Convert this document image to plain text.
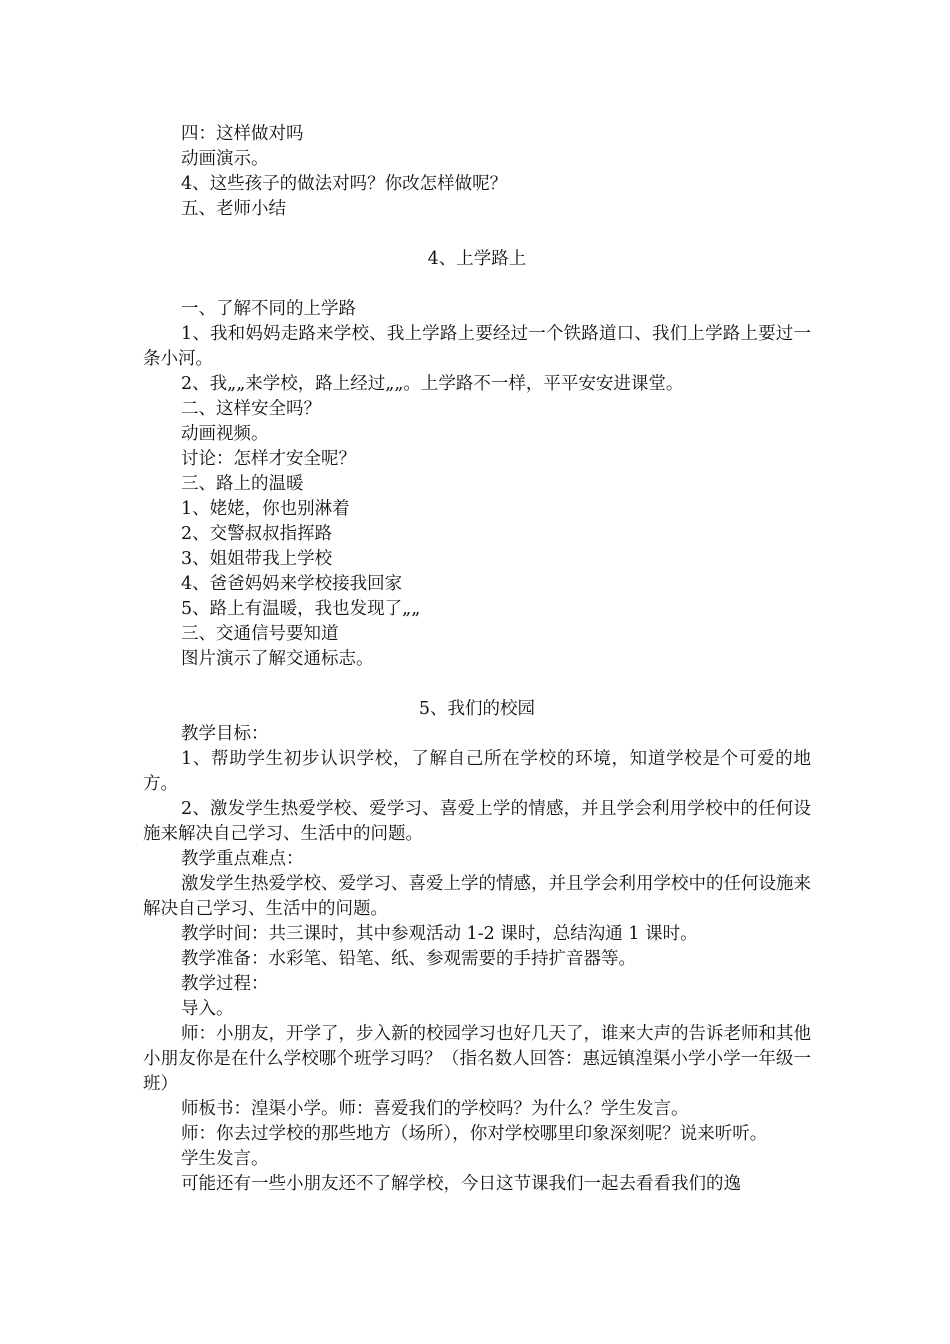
四：这样做对吗

动画演示。

4、这些孩子的做法对吗？你改怎样做呢？

五、老师小结

4、上学路上

一、了解不同的上学路

1、我和妈妈走路来学校、我上学路上要经过一个铁路道口、我们上学路上要过一条小河。

2、我„„来学校，路上经过„„。上学路不一样，平平安安进课堂。

二、这样安全吗？

动画视频。

讨论：怎样才安全呢？

三、路上的温暖

1、姥姥，你也别淋着

2、交警叔叔指挥路

3、姐姐带我上学校

4、爸爸妈妈来学校接我回家

5、路上有温暖，我也发现了„„

三、交通信号要知道

图片演示了解交通标志。

5、我们的校园

教学目标：

1、帮助学生初步认识学校，了解自己所在学校的环境，知道学校是个可爱的地方。

2、激发学生热爱学校、爱学习、喜爱上学的情感，并且学会利用学校中的任何设施来解决自己学习、生活中的问题。

教学重点难点：

激发学生热爱学校、爱学习、喜爱上学的情感，并且学会利用学校中的任何设施来解决自己学习、生活中的问题。

教学时间：共三课时，其中参观活动 1-2 课时，总结沟通 1 课时。

教学准备：水彩笔、铅笔、纸、参观需要的手持扩音器等。

教学过程：

导入。

师：小朋友，开学了，步入新的校园学习也好几天了，谁来大声的告诉老师和其他小朋友你是在什么学校哪个班学习吗？（指名数人回答：惠远镇湟渠小学小学一年级一班）

师板书：湟渠小学。师：喜爱我们的学校吗？为什么？学生发言。

师：你去过学校的那些地方（场所），你对学校哪里印象深刻呢？说来听听。

学生发言。

可能还有一些小朋友还不了解学校，今日这节课我们一起去看看我们的逸
